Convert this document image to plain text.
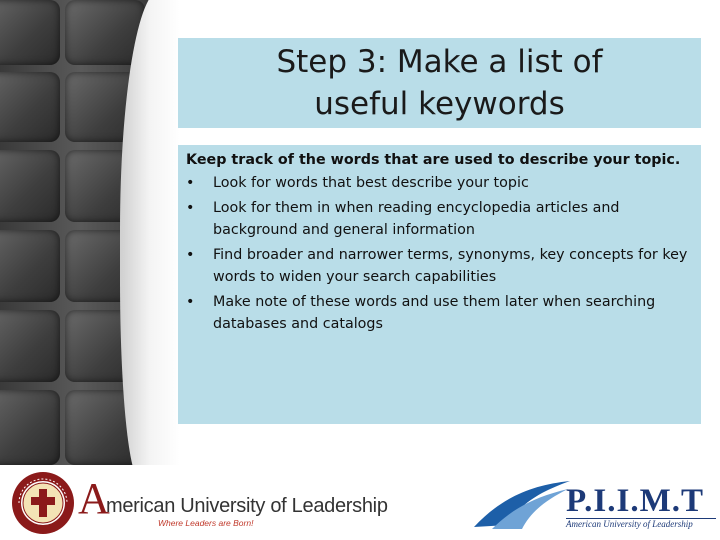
Step 3: Make a list of useful keywords

Keep track of the words that are used to describe your topic.

• Look for words that best describe your topic
• Look for them in when reading encyclopedia articles and background and general information
• Find broader and narrower terms, synonyms, key concepts for key words to widen your search capabilities
• Make note of these words and use them later when searching databases and catalogs
A
merican University of Leadership
Where Leaders are Born!
P.I.I.M.T
American University of Leadership
